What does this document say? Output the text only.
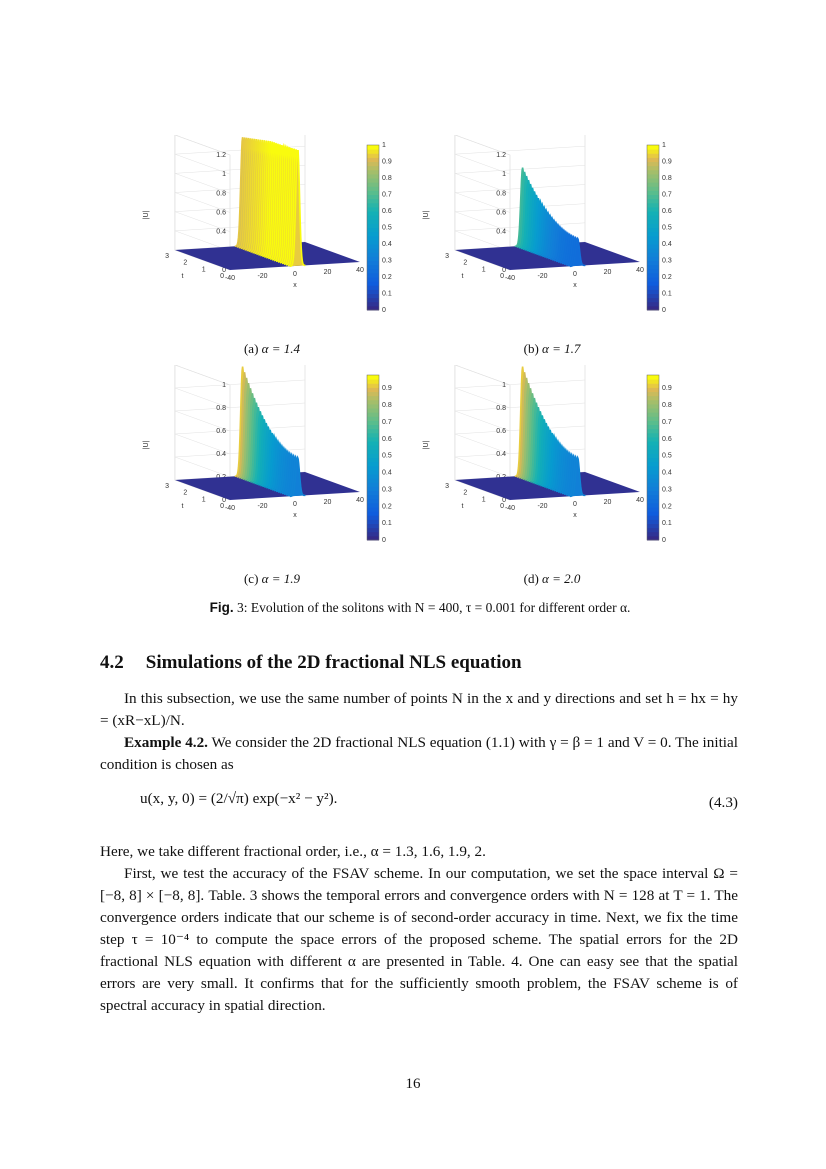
0
0.4
0.6
0.8
1
1.2
|U|
-40	-20	0	20	40
x
0
1
2
3
t
0
0.1
0.2
0.3
0.4
0.5
0.6
0.7
0.8
0.9
1
0
0.4
0.6
0.8
1
1.2
|U|
-40	-20	0	20	40
x
0
1
2
3
t
0
0.1
0.2
0.3
0.4
0.5
0.6
0.7
0.8
0.9
1
0
0.4
0.6
0.8
1
|U|
-40	-20	0	20	40
x
0
1
2
3
t
0
0.1
0.2
0.3
0.4
0.5
0.6
0.7
0.8
0.9
0
0.4
0.6
0.8
1
|U|
-40	-20	0	20	40
x
0
1
2
3
t
0
0.1
0.2
0.3
0.4
0.5
0.6
0.7
0.8
0.9
(a) α = 1.4	(b) α = 1.7
(c) α = 1.9	(d) α = 2.0
Fig. 3: Evolution of the solitons with N = 400, τ = 0.001 for different order α.
4.2 Simulations of the 2D fractional NLS equation
In this subsection, we use the same number of points N in the x and y directions and set h = hx = hy = (xR−xL)/N.
Example 4.2. We consider the 2D fractional NLS equation (1.1) with γ = β = 1 and V = 0. The initial condition is chosen as
u(x, y, 0) = (2/√π) exp(−x² − y²).	(4.3)
Here, we take different fractional order, i.e., α = 1.3, 1.6, 1.9, 2.
First, we test the accuracy of the FSAV scheme. In our computation, we set the space interval Ω = [−8, 8] × [−8, 8]. Table. 3 shows the temporal errors and convergence orders with N = 128 at T = 1. The convergence orders indicate that our scheme is of second-order accuracy in time. Next, we fix the time step τ = 10⁻⁴ to compute the space errors of the proposed scheme. The spatial errors for the 2D fractional NLS equation with different α are presented in Table. 4. One can easy see that the spatial errors are very small. It confirms that for the sufficiently smooth problem, the FSAV scheme is of spectral accuracy in spatial direction.
16
